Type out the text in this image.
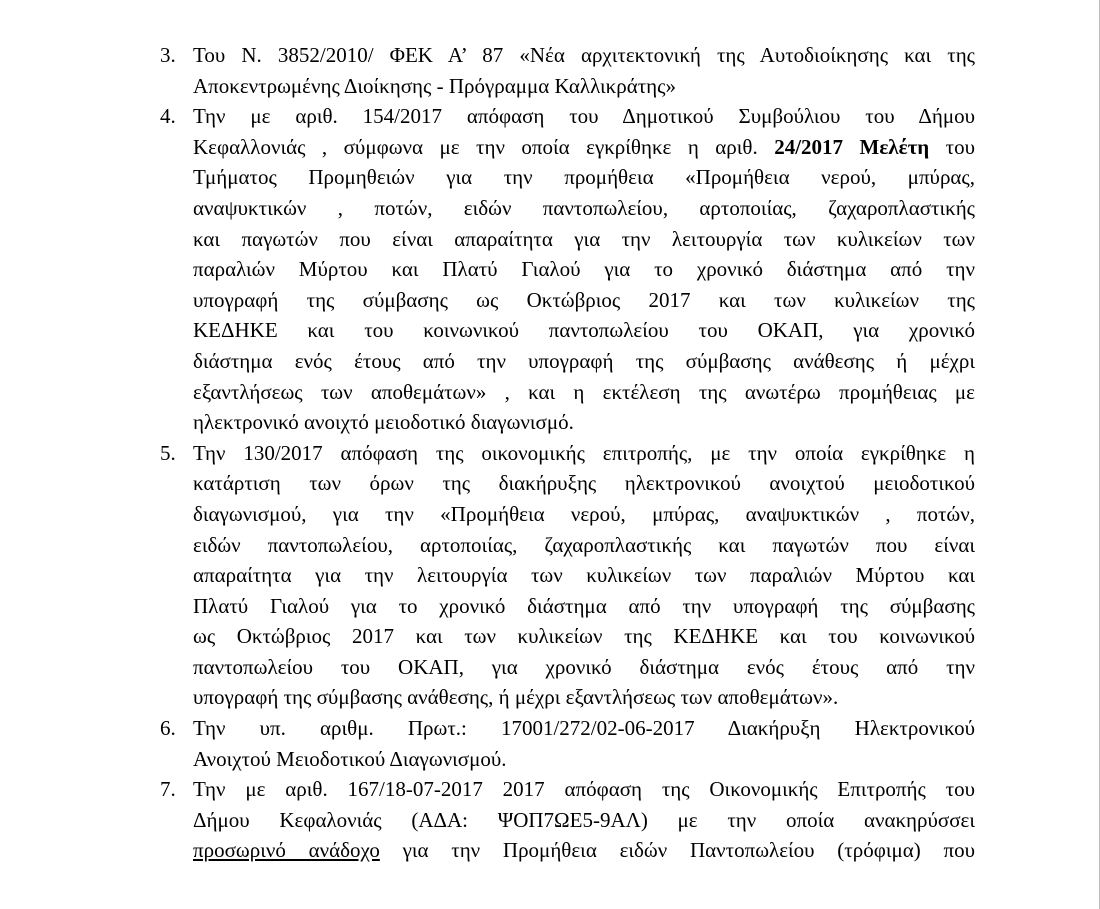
3. Του Ν. 3852/2010/ ΦΕΚ Α’ 87 «Νέα αρχιτεκτονική της Αυτοδιοίκησης και της
Αποκεντρωμένης Διοίκησης - Πρόγραμμα Καλλικράτης»
4. Την με αριθ. 154/2017 απόφαση του Δημοτικού Συμβούλιου του Δήμου
Κεφαλλονιάς , σύμφωνα με την οποία εγκρίθηκε η αριθ. 24/2017 Μελέτη του
Τμήματος Προμηθειών για την προμήθεια «Προμήθεια νερού, μπύρας,
αναψυκτικών , ποτών, ειδών παντοπωλείου, αρτοποιίας, ζαχαροπλαστικής
και παγωτών που είναι απαραίτητα για την λειτουργία των κυλικείων των
παραλιών Μύρτου και Πλατύ Γιαλού για το χρονικό διάστημα από την
υπογραφή της σύμβασης ως Οκτώβριος 2017 και των κυλικείων της
ΚΕΔΗΚΕ και του κοινωνικού παντοπωλείου του ΟΚΑΠ, για χρονικό
διάστημα ενός έτους από την υπογραφή της σύμβασης ανάθεσης ή μέχρι
εξαντλήσεως των αποθεμάτων» , και η εκτέλεση της ανωτέρω προμήθειας με
ηλεκτρονικό ανοιχτό μειοδοτικό διαγωνισμό.
5. Την 130/2017 απόφαση της οικονομικής επιτροπής, με την οποία εγκρίθηκε η
κατάρτιση των όρων της διακήρυξης ηλεκτρονικού ανοιχτού μειοδοτικού
διαγωνισμού, για την «Προμήθεια νερού, μπύρας, αναψυκτικών , ποτών,
ειδών παντοπωλείου, αρτοποιίας, ζαχαροπλαστικής και παγωτών που είναι
απαραίτητα για την λειτουργία των κυλικείων των παραλιών Μύρτου και
Πλατύ Γιαλού για το χρονικό διάστημα από την υπογραφή της σύμβασης
ως Οκτώβριος 2017 και των κυλικείων της ΚΕΔΗΚΕ και του κοινωνικού
παντοπωλείου του ΟΚΑΠ, για χρονικό διάστημα ενός έτους από την
υπογραφή της σύμβασης ανάθεσης, ή μέχρι εξαντλήσεως των αποθεμάτων».
6. Την υπ. αριθμ. Πρωτ.: 17001/272/02-06-2017 Διακήρυξη Ηλεκτρονικού
Ανοιχτού Μειοδοτικού Διαγωνισμού.
7. Την με αριθ. 167/18-07-2017 2017 απόφαση της Οικονομικής Επιτροπής του
Δήμου Κεφαλονιάς (ΑΔΑ: ΨΟΠ7ΩΕ5-9ΑΛ) με την οποία ανακηρύσσει
προσωρινό ανάδοχο για την Προμήθεια ειδών Παντοπωλείου (τρόφιμα) που
